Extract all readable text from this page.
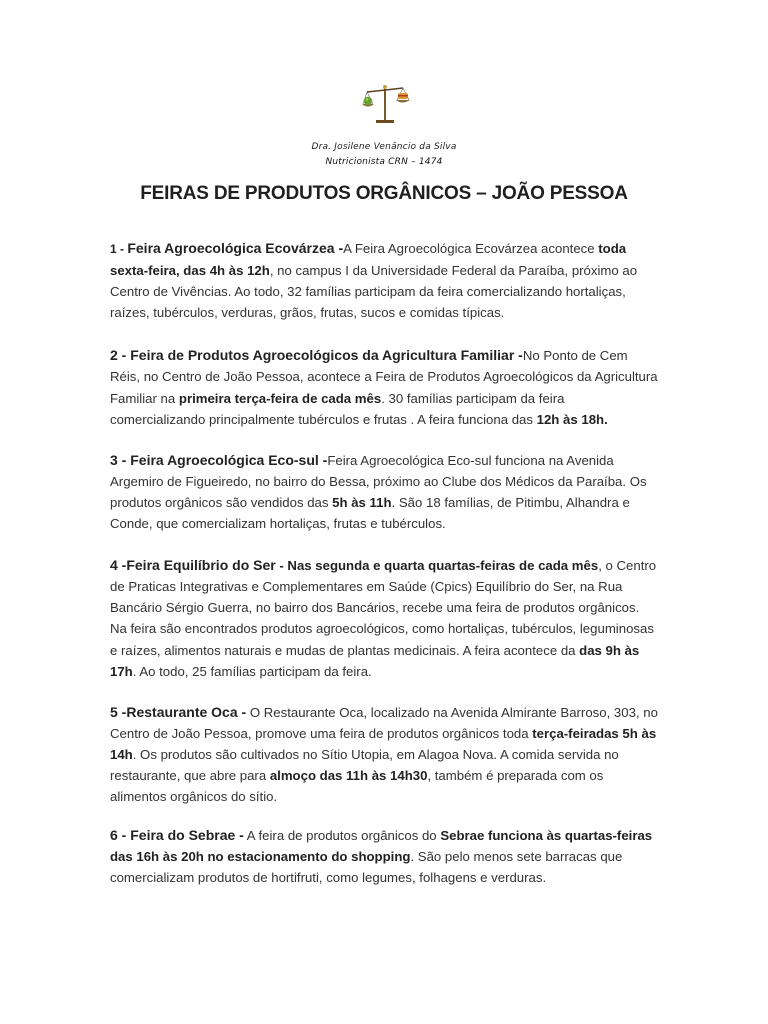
Dra. Josilene Venâncio da Silva
Nutricionista CRN – 1474
FEIRAS DE PRODUTOS ORGÂNICOS – JOÃO PESSOA

1 - Feira Agroecológica Ecovárzea -A Feira Agroecológica Ecovárzea acontece toda sexta-feira, das 4h às 12h, no campus I da Universidade Federal da Paraíba, próximo ao Centro de Vivências. Ao todo, 32 famílias participam da feira comercializando hortaliças, raízes, tubérculos, verduras, grãos, frutas, sucos e comidas típicas.

2 - Feira de Produtos Agroecológicos da Agricultura Familiar -No Ponto de Cem Réis, no Centro de João Pessoa, acontece a Feira de Produtos Agroecológicos da Agricultura Familiar na primeira terça-feira de cada mês. 30 famílias participam da feira comercializando principalmente tubérculos e frutas . A feira funciona das 12h às 18h.

3 - Feira Agroecológica Eco-sul -Feira Agroecológica Eco-sul funciona na Avenida Argemiro de Figueiredo, no bairro do Bessa, próximo ao Clube dos Médicos da Paraíba. Os produtos orgânicos são vendidos das 5h às 11h. São 18 famílias, de Pitimbu, Alhandra e Conde, que comercializam hortaliças, frutas e tubérculos.

4 -Feira Equilíbrio do Ser - Nas segunda e quarta quartas-feiras de cada mês, o Centro de Praticas Integrativas e Complementares em Saúde (Cpics) Equilíbrio do Ser, na Rua Bancário Sérgio Guerra, no bairro dos Bancários, recebe uma feira de produtos orgânicos. Na feira são encontrados produtos agroecológicos, como hortaliças, tubérculos, leguminosas e raízes, alimentos naturais e mudas de plantas medicinais. A feira acontece da das 9h às 17h. Ao todo, 25 famílias participam da feira.

5 -Restaurante Oca - O Restaurante Oca, localizado na Avenida Almirante Barroso, 303, no Centro de João Pessoa, promove uma feira de produtos orgânicos toda terça-feiradas 5h às 14h. Os produtos são cultivados no Sítio Utopia, em Alagoa Nova. A comida servida no restaurante, que abre para almoço das 11h às 14h30, também é preparada com os alimentos orgânicos do sítio.

6 - Feira do Sebrae - A feira de produtos orgânicos do Sebrae funciona às quartas-feiras das 16h às 20h no estacionamento do shopping. São pelo menos sete barracas que comercializam produtos de hortifruti, como legumes, folhagens e verduras.
